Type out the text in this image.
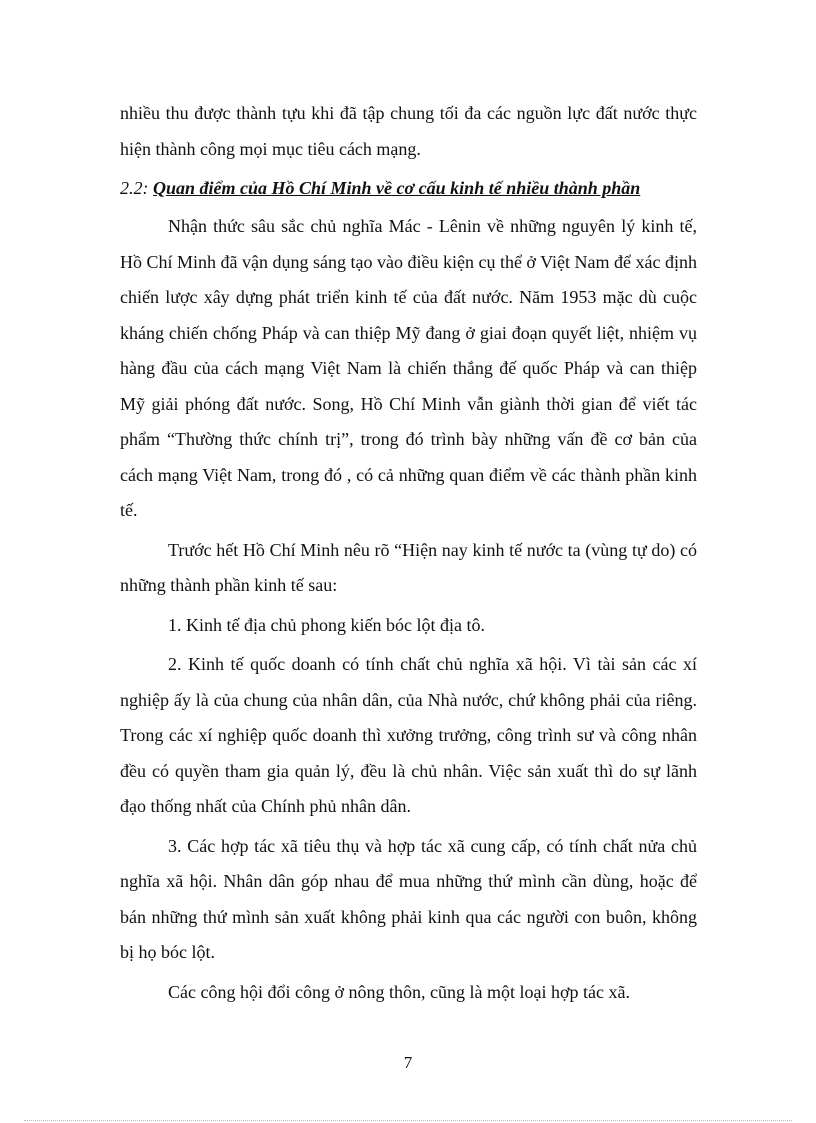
nhiều thu được thành tựu khi đã tập chung tối đa các nguồn lực đất nước thực hiện thành công mọi mục tiêu cách mạng.

2.2: Quan điểm của Hồ Chí Minh về cơ cấu kinh tế nhiều thành phần

Nhận thức sâu sắc chủ nghĩa Mác - Lênin về những nguyên lý kinh tế, Hồ Chí Minh đã vận dụng sáng tạo vào điều kiện cụ thể ở Việt Nam để xác định chiến lược xây dựng phát triển kinh tế của đất nước. Năm 1953 mặc dù cuộc kháng chiến chống Pháp và can thiệp Mỹ đang ở giai đoạn quyết liệt, nhiệm vụ hàng đầu của cách mạng Việt Nam là chiến thắng đế quốc Pháp và can thiệp Mỹ giải phóng đất nước. Song, Hồ Chí Minh vẫn giành thời gian để viết tác phẩm “Thường thức chính trị”, trong đó trình bày những vấn đề cơ bản của cách mạng Việt Nam, trong đó , có cả những quan điểm về các thành phần kinh tế.

Trước hết Hồ Chí Minh nêu rõ “Hiện nay kinh tế nước ta (vùng tự do) có những thành phần kinh tế sau:

1. Kinh tế địa chủ phong kiến bóc lột địa tô.

2. Kinh tế quốc doanh có tính chất chủ nghĩa xã hội. Vì tài sản các xí nghiệp ấy là của chung của nhân dân, của Nhà nước, chứ không phải của riêng. Trong các xí nghiệp quốc doanh thì xưởng trưởng, công trình sư và công nhân đều có quyền tham gia quản lý, đều là chủ nhân. Việc sản xuất thì do sự lãnh đạo thống nhất của Chính phủ nhân dân.

3. Các hợp tác xã tiêu thụ và hợp tác xã cung cấp, có tính chất nửa chủ nghĩa xã hội. Nhân dân góp nhau để mua những thứ mình cần dùng, hoặc để bán những thứ mình sản xuất không phải kinh qua các người con buôn, không bị họ bóc lột.

Các công hội đổi công ở nông thôn, cũng là một loại hợp tác xã.

7
